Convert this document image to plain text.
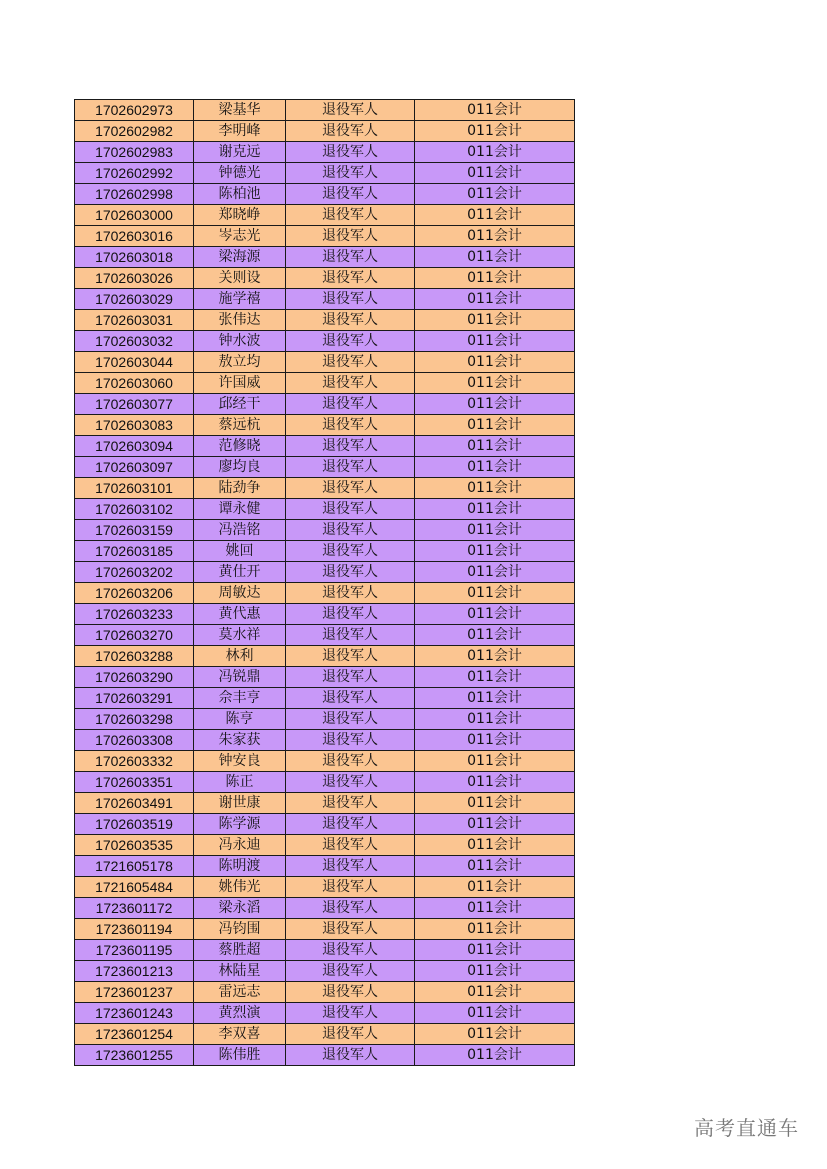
1702602973	梁基华	退役军人	011会计
1702602982	李明峰	退役军人	011会计
1702602983	谢克远	退役军人	011会计
1702602992	钟德光	退役军人	011会计
1702602998	陈柏池	退役军人	011会计
1702603000	郑晓峥	退役军人	011会计
1702603016	岑志光	退役军人	011会计
1702603018	梁海源	退役军人	011会计
1702603026	关则设	退役军人	011会计
1702603029	施学禧	退役军人	011会计
1702603031	张伟达	退役军人	011会计
1702603032	钟水波	退役军人	011会计
1702603044	敖立均	退役军人	011会计
1702603060	许国威	退役军人	011会计
1702603077	邱经干	退役军人	011会计
1702603083	蔡远杭	退役军人	011会计
1702603094	范修晓	退役军人	011会计
1702603097	廖均良	退役军人	011会计
1702603101	陆劲争	退役军人	011会计
1702603102	谭永健	退役军人	011会计
1702603159	冯浩铭	退役军人	011会计
1702603185	姚回	退役军人	011会计
1702603202	黄仕开	退役军人	011会计
1702603206	周敏达	退役军人	011会计
1702603233	黄代惠	退役军人	011会计
1702603270	莫水祥	退役军人	011会计
1702603288	林利	退役军人	011会计
1702603290	冯锐鼎	退役军人	011会计
1702603291	佘丰亨	退役军人	011会计
1702603298	陈亨	退役军人	011会计
1702603308	朱家获	退役军人	011会计
1702603332	钟安良	退役军人	011会计
1702603351	陈正	退役军人	011会计
1702603491	谢世康	退役军人	011会计
1702603519	陈学源	退役军人	011会计
1702603535	冯永迪	退役军人	011会计
1721605178	陈明渡	退役军人	011会计
1721605484	姚伟光	退役军人	011会计
1723601172	梁永滔	退役军人	011会计
1723601194	冯钧围	退役军人	011会计
1723601195	蔡胜超	退役军人	011会计
1723601213	林陆星	退役军人	011会计
1723601237	雷远志	退役军人	011会计
1723601243	黄烈演	退役军人	011会计
1723601254	李双喜	退役军人	011会计
1723601255	陈伟胜	退役军人	011会计
高考直通车
